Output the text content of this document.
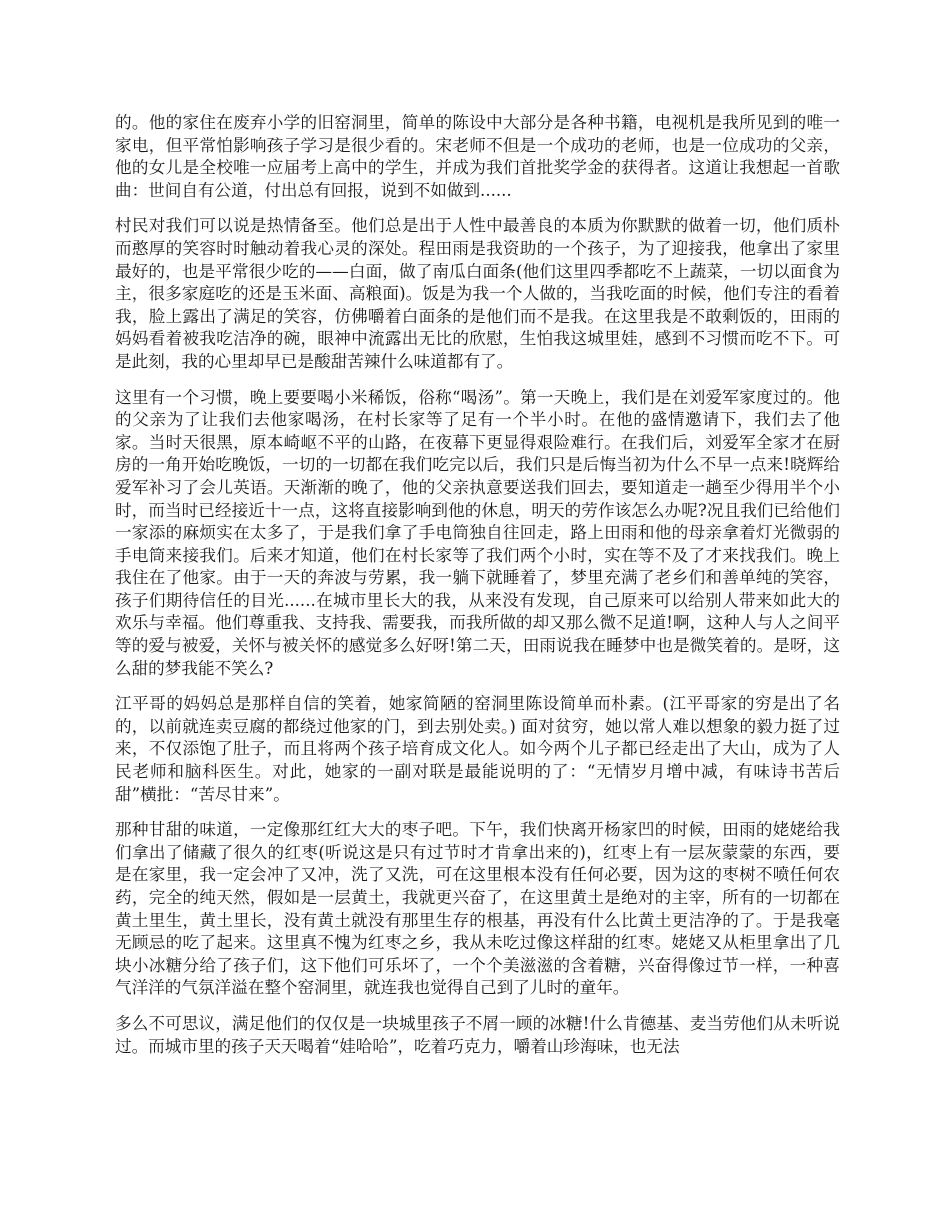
的。他的家住在废弃小学的旧窑洞里，简单的陈设中大部分是各种书籍，电视机是我所见到的唯一家电，但平常怕影响孩子学习是很少看的。宋老师不但是一个成功的老师，也是一位成功的父亲，他的女儿是全校唯一应届考上高中的学生，并成为我们首批奖学金的获得者。这道让我想起一首歌曲：世间自有公道，付出总有回报，说到不如做到......

村民对我们可以说是热情备至。他们总是出于人性中最善良的本质为你默默的做着一切，他们质朴而憨厚的笑容时时触动着我心灵的深处。程田雨是我资助的一个孩子，为了迎接我，他拿出了家里最好的，也是平常很少吃的——白面，做了南瓜白面条(他们这里四季都吃不上蔬菜，一切以面食为主，很多家庭吃的还是玉米面、高粮面)。饭是为我一个人做的，当我吃面的时候，他们专注的看着我，脸上露出了满足的笑容，仿佛嚼着白面条的是他们而不是我。在这里我是不敢剩饭的，田雨的妈妈看着被我吃洁净的碗，眼神中流露出无比的欣慰，生怕我这城里娃，感到不习惯而吃不下。可是此刻，我的心里却早已是酸甜苦辣什么味道都有了。

这里有一个习惯，晚上要要喝小米稀饭，俗称“喝汤”。第一天晚上，我们是在刘爱军家度过的。他的父亲为了让我们去他家喝汤，在村长家等了足有一个半小时。在他的盛情邀请下，我们去了他家。当时天很黑，原本崎岖不平的山路，在夜幕下更显得艰险难行。在我们后，刘爱军全家才在厨房的一角开始吃晚饭，一切的一切都在我们吃完以后，我们只是后悔当初为什么不早一点来!晓辉给爱军补习了会儿英语。天渐渐的晚了，他的父亲执意要送我们回去，要知道走一趟至少得用半个小时，而当时已经接近十一点，这将直接影响到他的休息，明天的劳作该怎么办呢?况且我们已给他们一家添的麻烦实在太多了，于是我们拿了手电筒独自往回走，路上田雨和他的母亲拿着灯光微弱的手电筒来接我们。后来才知道，他们在村长家等了我们两个小时，实在等不及了才来找我们。晚上我住在了他家。由于一天的奔波与劳累，我一躺下就睡着了，梦里充满了老乡们和善单纯的笑容，孩子们期待信任的目光......在城市里长大的我，从来没有发现，自己原来可以给别人带来如此大的欢乐与幸福。他们尊重我、支持我、需要我，而我所做的却又那么微不足道!啊，这种人与人之间平等的爱与被爱，关怀与被关怀的感觉多么好呀!第二天，田雨说我在睡梦中也是微笑着的。是呀，这么甜的梦我能不笑么?

江平哥的妈妈总是那样自信的笑着，她家简陋的窑洞里陈设简单而朴素。(江平哥家的穷是出了名的，以前就连卖豆腐的都绕过他家的门，到去别处卖。) 面对贫穷，她以常人难以想象的毅力挺了过来，不仅添饱了肚子，而且将两个孩子培育成文化人。如今两个儿子都已经走出了大山，成为了人民老师和脑科医生。对此，她家的一副对联是最能说明的了：“无情岁月增中减，有味诗书苦后甜”横批：“苦尽甘来”。

那种甘甜的味道，一定像那红红大大的枣子吧。下午，我们快离开杨家凹的时候，田雨的姥姥给我们拿出了储藏了很久的红枣(听说这是只有过节时才肯拿出来的)，红枣上有一层灰蒙蒙的东西，要是在家里，我一定会冲了又冲，洗了又洗，可在这里根本没有任何必要，因为这的枣树不喷任何农药，完全的纯天然，假如是一层黄土，我就更兴奋了，在这里黄土是绝对的主宰，所有的一切都在黄土里生，黄土里长，没有黄土就没有那里生存的根基，再没有什么比黄土更洁净的了。于是我毫无顾忌的吃了起来。这里真不愧为红枣之乡，我从未吃过像这样甜的红枣。姥姥又从柜里拿出了几块小冰糖分给了孩子们，这下他们可乐坏了，一个个美滋滋的含着糖，兴奋得像过节一样，一种喜气洋洋的气氛洋溢在整个窑洞里，就连我也觉得自己到了儿时的童年。

多么不可思议，满足他们的仅仅是一块城里孩子不屑一顾的冰糖!什么肯德基、麦当劳他们从未听说过。而城市里的孩子天天喝着“娃哈哈”，吃着巧克力，嚼着山珍海味，也无法
